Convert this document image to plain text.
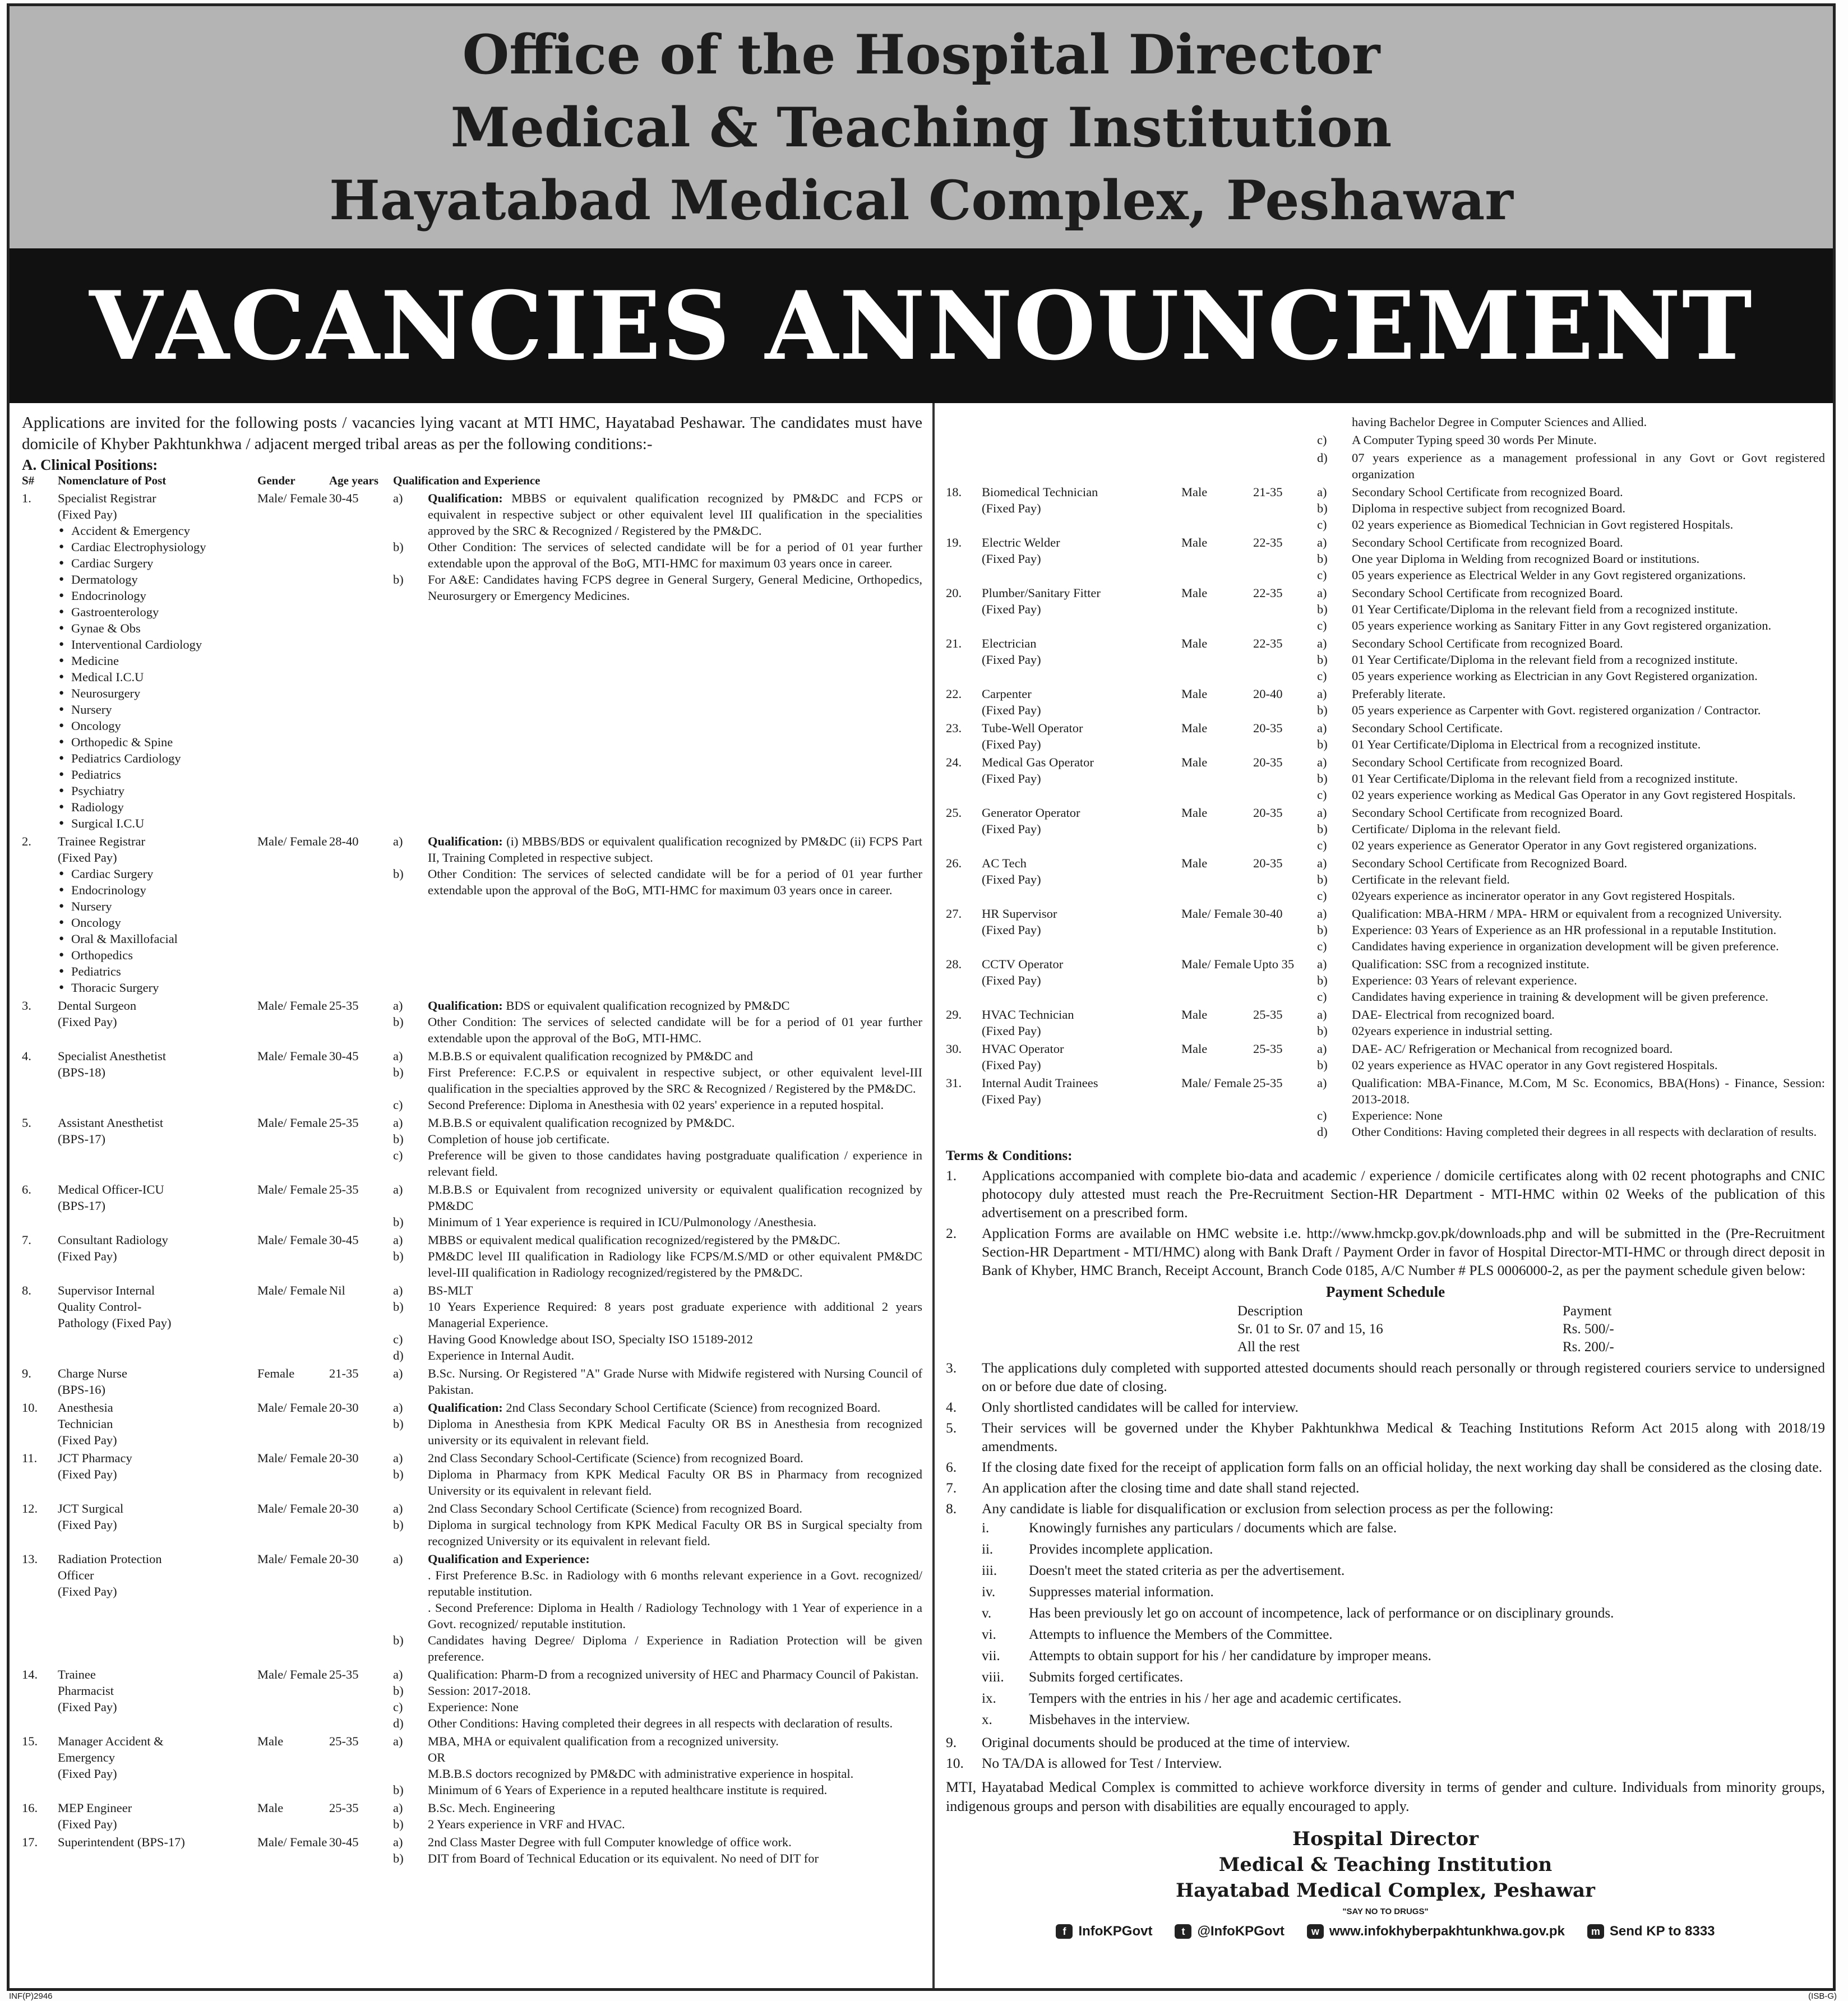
Office of the Hospital Director
Medical & Teaching Institution
Hayatabad Medical Complex, Peshawar
VACANCIES ANNOUNCEMENT
Applications are invited for the following posts / vacancies lying vacant at MTI HMC, Hayatabad Peshawar. The candidates must have domicile of Khyber Pakhtunkhwa / adjacent merged tribal areas as per the following conditions:-
A. Clinical Positions:
S#	Nomenclature of Post	Gender	Age years	Qualification and Experience
1.	Specialist Registrar
(Fixed Pay)
● Accident & Emergency
● Cardiac Electrophysiology
● Cardiac Surgery
● Dermatology
● Endocrinology
● Gastroenterology
● Gynae & Obs
● Interventional Cardiology
● Medicine
● Medical I.C.U
● Neurosurgery
● Nursery
● Oncology
● Orthopedic & Spine
● Pediatrics Cardiology
● Pediatrics
● Psychiatry
● Radiology
● Surgical I.C.U
Male/ Female 30-45	a)	Qualification: MBBS or equivalent qualification recognized by PM&DC and FCPS or equivalent in respective subject or other equivalent level III qualification in the specialities approved by the SRC & Recognized / Registered by the PM&DC.
b)	Other Condition: The services of selected candidate will be for a period of 01 year further extendable upon the approval of the BoG, MTI-HMC for maximum 03 years once in career.
b)	For A&E: Candidates having FCPS degree in General Surgery, General Medicine, Orthopedics, Neurosurgery or Emergency Medicines.
2.	Trainee Registrar
(Fixed Pay)
● Cardiac Surgery
● Endocrinology
● Nursery
● Oncology
● Oral & Maxillofacial
● Orthopedics
● Pediatrics
● Thoracic Surgery
Male/ Female 28-40	a)	Qualification: (i) MBBS/BDS or equivalent qualification recognized by PM&DC (ii) FCPS Part II, Training Completed in respective subject.
b)	Other Condition: The services of selected candidate will be for a period of 01 year further extendable upon the approval of the BoG, MTI-HMC for maximum 03 years once in career.
3.	Dental Surgeon
(Fixed Pay)
Male/ Female 25-35	a)	Qualification: BDS or equivalent qualification recognized by PM&DC
b)	Other Condition: The services of selected candidate will be for a period of 01 year further extendable upon the approval of the BoG, MTI-HMC.
4.	Specialist Anesthetist
(BPS-18)
Male/ Female 30-45	a)	M.B.B.S or equivalent qualification recognized by PM&DC and
b)	First Preference: F.C.P.S or equivalent in respective subject, or other equivalent level-III qualification in the specialties approved by the SRC & Recognized / Registered by the PM&DC.
c)	Second Preference: Diploma in Anesthesia with 02 years' experience in a reputed hospital.
5.	Assistant Anesthetist
(BPS-17)
Male/ Female 25-35	a)	M.B.B.S or equivalent qualification recognized by PM&DC.
b)	Completion of house job certificate.
c)	Preference will be given to those candidates having postgraduate qualification / experience in relevant field.
6.	Medical Officer-ICU
(BPS-17)
Male/ Female 25-35	a)	M.B.B.S or Equivalent from recognized university or equivalent qualification recognized by PM&DC
b)	Minimum of 1 Year experience is required in ICU/Pulmonology /Anesthesia.
7.	Consultant Radiology
(Fixed Pay)
Male/ Female 30-45	a)	MBBS or equivalent medical qualification recognized/registered by the PM&DC.
b)	PM&DC level III qualification in Radiology like FCPS/M.S/MD or other equivalent PM&DC level-III qualification in Radiology recognized/registered by the PM&DC.
8.	Supervisor Internal
Quality Control-
Pathology (Fixed Pay)
Male/ Female Nil	a)	BS-MLT
b)	10 Years Experience Required: 8 years post graduate experience with additional 2 years Managerial Experience.
c)	Having Good Knowledge about ISO, Specialty ISO 15189-2012
d)	Experience in Internal Audit.
9.	Charge Nurse
(BPS-16)
Female	21-35	a)	B.Sc. Nursing. Or Registered "A" Grade Nurse with Midwife registered with Nursing Council of Pakistan.
10.	Anesthesia
Technician
(Fixed Pay)
Male/ Female 20-30	a)	Qualification: 2nd Class Secondary School Certificate (Science) from recognized Board.
b)	Diploma in Anesthesia from KPK Medical Faculty OR BS in Anesthesia from recognized university or its equivalent in relevant field.
11.	JCT Pharmacy
(Fixed Pay)
Male/ Female 20-30	a)	2nd Class Secondary School-Certificate (Science) from recognized Board.
b)	Diploma in Pharmacy from KPK Medical Faculty OR BS in Pharmacy from recognized University or its equivalent in relevant field.
12.	JCT Surgical
(Fixed Pay)
Male/ Female 20-30	a)	2nd Class Secondary School Certificate (Science) from recognized Board.
b)	Diploma in surgical technology from KPK Medical Faculty OR BS in Surgical specialty from recognized University or its equivalent in relevant field.
13.	Radiation Protection
Officer
(Fixed Pay)
Male/ Female 20-30	a)	Qualification and Experience:
. First Preference B.Sc. in Radiology with 6 months relevant experience in a Govt. recognized/ reputable institution.
. Second Preference: Diploma in Health / Radiology Technology with 1 Year of experience in a Govt. recognized/ reputable institution.
b)	Candidates having Degree/ Diploma / Experience in Radiation Protection will be given preference.
14.	Trainee
Pharmacist
(Fixed Pay)
Male/ Female 25-35	a)	Qualification: Pharm-D from a recognized university of HEC and Pharmacy Council of Pakistan.
b)	Session: 2017-2018.
c)	Experience: None
d)	Other Conditions: Having completed their degrees in all respects with declaration of results.
15.	Manager Accident &
Emergency
(Fixed Pay)
Male	25-35	a)	MBA, MHA or equivalent qualification from a recognized university.
OR
M.B.B.S doctors recognized by PM&DC with administrative experience in hospital.
b)	Minimum of 6 Years of Experience in a reputed healthcare institute is required.
16.	MEP Engineer
(Fixed Pay)
Male	25-35	a)	B.Sc. Mech. Engineering
b)	2 Years experience in VRF and HVAC.
17.	Superintendent (BPS-17)	Male/ Female 30-45	a)	2nd Class Master Degree with full Computer knowledge of office work.
b)	DIT from Board of Technical Education or its equivalent. No need of DIT for
having Bachelor Degree in Computer Sciences and Allied.
c)	A Computer Typing speed 30 words Per Minute.
d)	07 years experience as a management professional in any Govt or Govt registered organization
18.	Biomedical Technician
(Fixed Pay)
Male	21-35	a)	Secondary School Certificate from recognized Board.
b)	Diploma in respective subject from recognized Board.
c)	02 years experience as Biomedical Technician in Govt registered Hospitals.
19.	Electric Welder
(Fixed Pay)
Male	22-35	a)	Secondary School Certificate from recognized Board.
b)	One year Diploma in Welding from recognized Board or institutions.
c)	05 years experience as Electrical Welder in any Govt registered organizations.
20.	Plumber/Sanitary Fitter
(Fixed Pay)
Male	22-35	a)	Secondary School Certificate from recognized Board.
b)	01 Year Certificate/Diploma in the relevant field from a recognized institute.
c)	05 years experience working as Sanitary Fitter in any Govt registered organization.
21.	Electrician
(Fixed Pay)
Male	22-35	a)	Secondary School Certificate from recognized Board.
b)	01 Year Certificate/Diploma in the relevant field from a recognized institute.
c)	05 years experience working as Electrician in any Govt Registered organization.
22.	Carpenter
(Fixed Pay)
Male	20-40	a)	Preferably literate.
b)	05 years experience as Carpenter with Govt. registered organization / Contractor.
23.	Tube-Well Operator
(Fixed Pay)
Male	20-35	a)	Secondary School Certificate.
b)	01 Year Certificate/Diploma in Electrical from a recognized institute.
24.	Medical Gas Operator
(Fixed Pay)
Male	20-35	a)	Secondary School Certificate from recognized Board.
b)	01 Year Certificate/Diploma in the relevant field from a recognized institute.
c)	02 years experience working as Medical Gas Operator in any Govt registered Hospitals.
25.	Generator Operator
(Fixed Pay)
Male	20-35	a)	Secondary School Certificate from recognized Board.
b)	Certificate/ Diploma in the relevant field.
c)	02 years experience as Generator Operator in any Govt registered organizations.
26.	AC Tech
(Fixed Pay)
Male	20-35	a)	Secondary School Certificate from Recognized Board.
b)	Certificate in the relevant field.
c)	02years experience as incinerator operator in any Govt registered Hospitals.
27.	HR Supervisor
(Fixed Pay)
Male/ Female 30-40	a)	Qualification: MBA-HRM / MPA- HRM or equivalent from a recognized University.
b)	Experience: 03 Years of Experience as an HR professional in a reputable Institution.
c)	Candidates having experience in organization development will be given preference.
28.	CCTV Operator
(Fixed Pay)
Male/ Female Upto 35	a)	Qualification: SSC from a recognized institute.
b)	Experience: 03 Years of relevant experience.
c)	Candidates having experience in training & development will be given preference.
29.	HVAC Technician
(Fixed Pay)
Male	25-35	a)	DAE- Electrical from recognized board.
b)	02years experience in industrial setting.
30.	HVAC Operator
(Fixed Pay)
Male	25-35	a)	DAE- AC/ Refrigeration or Mechanical from recognized board.
b)	02 years experience as HVAC operator in any Govt registered Hospitals.
31.	Internal Audit Trainees
(Fixed Pay)
Male/ Female 25-35	a)	Qualification: MBA-Finance, M.Com, M Sc. Economics, BBA(Hons) - Finance, Session: 2013-2018.
c)	Experience: None
d)	Other Conditions: Having completed their degrees in all respects with declaration of results.
Terms & Conditions:
1.	Applications accompanied with complete bio-data and academic / experience / domicile certificates along with 02 recent photographs and CNIC photocopy duly attested must reach the Pre-Recruitment Section-HR Department - MTI-HMC within 02 Weeks of the publication of this advertisement on a prescribed form.
2.	Application Forms are available on HMC website i.e. http://www.hmckp.gov.pk/downloads.php and will be submitted in the (Pre-Recruitment Section-HR Department - MTI/HMC) along with Bank Draft / Payment Order in favor of Hospital Director-MTI-HMC or through direct deposit in Bank of Khyber, HMC Branch, Receipt Account, Branch Code 0185, A/C Number # PLS 0006000-2, as per the payment schedule given below:
Payment Schedule
Description	Payment
Sr. 01 to Sr. 07 and 15, 16	Rs. 500/-
All the rest	Rs. 200/-
3.	The applications duly completed with supported attested documents should reach personally or through registered couriers service to undersigned on or before due date of closing.
4.	Only shortlisted candidates will be called for interview.
5.	Their services will be governed under the Khyber Pakhtunkhwa Medical & Teaching Institutions Reform Act 2015 along with 2018/19 amendments.
6.	If the closing date fixed for the receipt of application form falls on an official holiday, the next working day shall be considered as the closing date.
7.	An application after the closing time and date shall stand rejected.
8.	Any candidate is liable for disqualification or exclusion from selection process as per the following:
i.	Knowingly furnishes any particulars / documents which are false.
ii.	Provides incomplete application.
iii.	Doesn't meet the stated criteria as per the advertisement.
iv.	Suppresses material information.
v.	Has been previously let go on account of incompetence, lack of performance or on disciplinary grounds.
vi.	Attempts to influence the Members of the Committee.
vii.	Attempts to obtain support for his / her candidature by improper means.
viii.	Submits forged certificates.
ix.	Tempers with the entries in his / her age and academic certificates.
x.	Misbehaves in the interview.
9.	Original documents should be produced at the time of interview.
10.	No TA/DA is allowed for Test / Interview.
MTI, Hayatabad Medical Complex is committed to achieve workforce diversity in terms of gender and culture. Individuals from minority groups, indigenous groups and person with disabilities are equally encouraged to apply.
Hospital Director
Medical & Teaching Institution
Hayatabad Medical Complex, Peshawar
"SAY NO TO DRUGS"
f InfoKPGovt	t @InfoKPGovt	w www.infokhyberpakhtunkhwa.gov.pk	m Send KP to 8333
INF(P)2946	(ISB-G)
